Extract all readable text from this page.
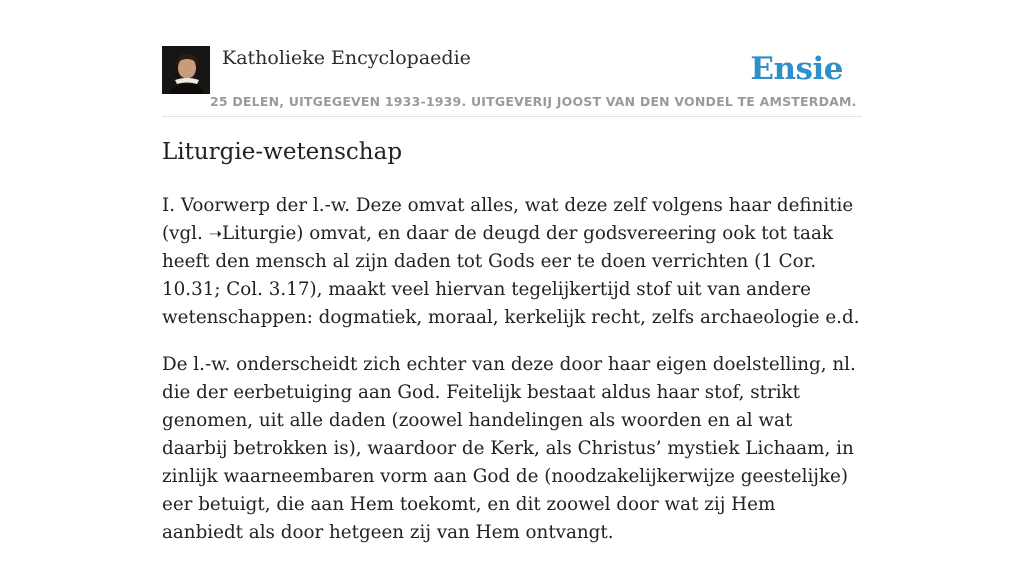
Katholieke Encyclopaedie	Ensie
25 DELEN, UITGEGEVEN 1933-1939. UITGEVERIJ JOOST VAN DEN VONDEL TE AMSTERDAM.
Liturgie-wetenschap

I. Voorwerp der l.-w. Deze omvat alles, wat deze zelf volgens haar definitie (vgl. ➝Liturgie) omvat, en daar de deugd der godsvereering ook tot taak heeft den mensch al zijn daden tot Gods eer te doen verrichten (1 Cor. 10.31; Col. 3.17), maakt veel hiervan tegelijkertijd stof uit van andere wetenschappen: dogmatiek, moraal, kerkelijk recht, zelfs archaeologie e.d.

De l.-w. onderscheidt zich echter van deze door haar eigen doelstelling, nl. die der eerbetuiging aan God. Feitelijk bestaat aldus haar stof, strikt genomen, uit alle daden (zoowel handelingen als woorden en al wat daarbij betrokken is), waardoor de Kerk, als Christus’ mystiek Lichaam, in zinlijk waarneembaren vorm aan God de (noodzakelijkerwijze geestelijke) eer betuigt, die aan Hem toekomt, en dit zoowel door wat zij Hem aanbiedt als door hetgeen zij van Hem ontvangt.
